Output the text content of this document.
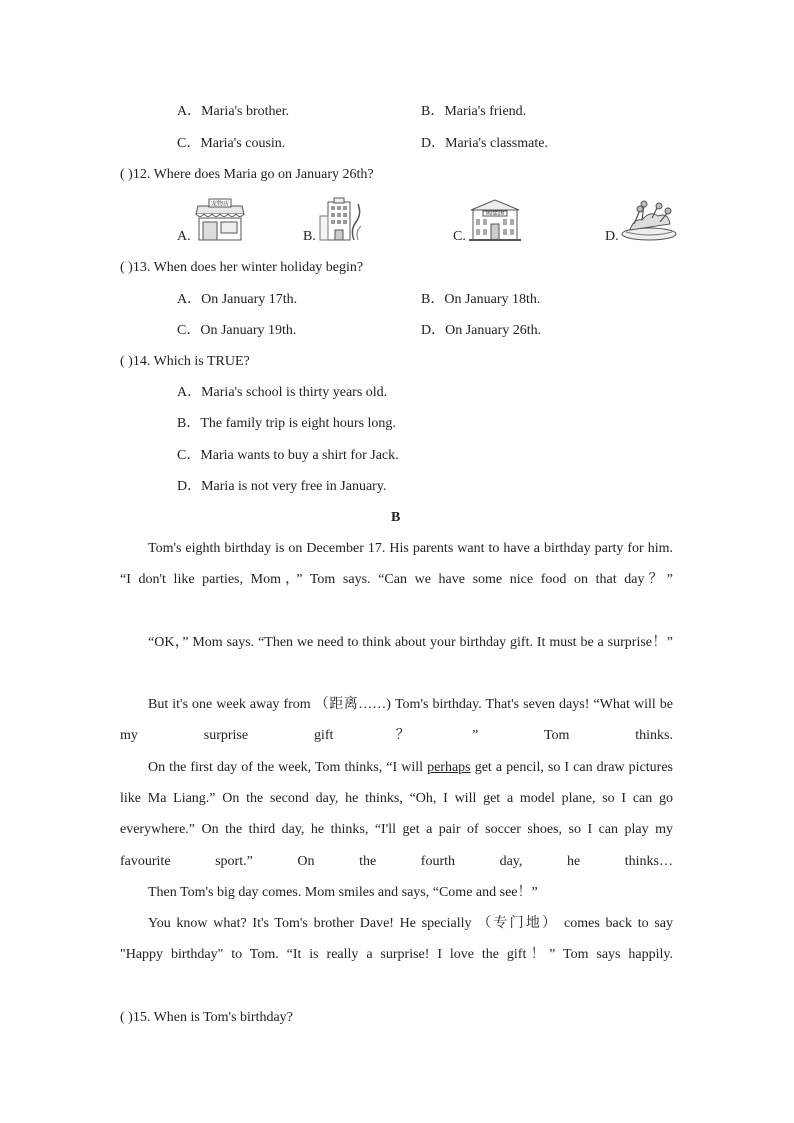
A．Maria's brother.	B．Maria's friend.
C．Maria's cousin.	D．Maria's classmate.
( )12. Where does Maria go on January 26th?
A.
宠物店
B.	C.
MUSEUM
D.
( )13. When does her winter holiday begin?
A．On January 17th.	B．On January 18th.
C．On January 19th.	D．On January 26th.
( )14. Which is TRUE?
A．Maria's school is thirty years old.
B．The family trip is eight hours long.
C．Maria wants to buy a shirt for Jack.
D．Maria is not very free in January.
B
Tom's eighth birthday is on December 17. His parents want to have a birthday party for him. “I don't like parties, Mom，” Tom says. “Can we have some nice food on that day？”
“OK，” Mom says. “Then we need to think about your birthday gift. It must be a surprise！”
But it's one week away from （距离……) Tom's birthday. That's seven days! “What will be my surprise gift？” Tom thinks.
On the first day of the week, Tom thinks, “I will perhaps get a pencil, so I can draw pictures like Ma Liang.” On the second day, he thinks, “Oh, I will get a model plane, so I can go everywhere.” On the third day, he thinks, “I'll get a pair of soccer shoes, so I can play my favourite sport.” On the fourth day, he thinks…
Then Tom's big day comes. Mom smiles and says, “Come and see！”
You know what? It's Tom's brother Dave! He specially （专门地） comes back to say "Happy birthday" to Tom. “It is really a surprise! I love the gift！” Tom says happily.
( )15. When is Tom's birthday?
